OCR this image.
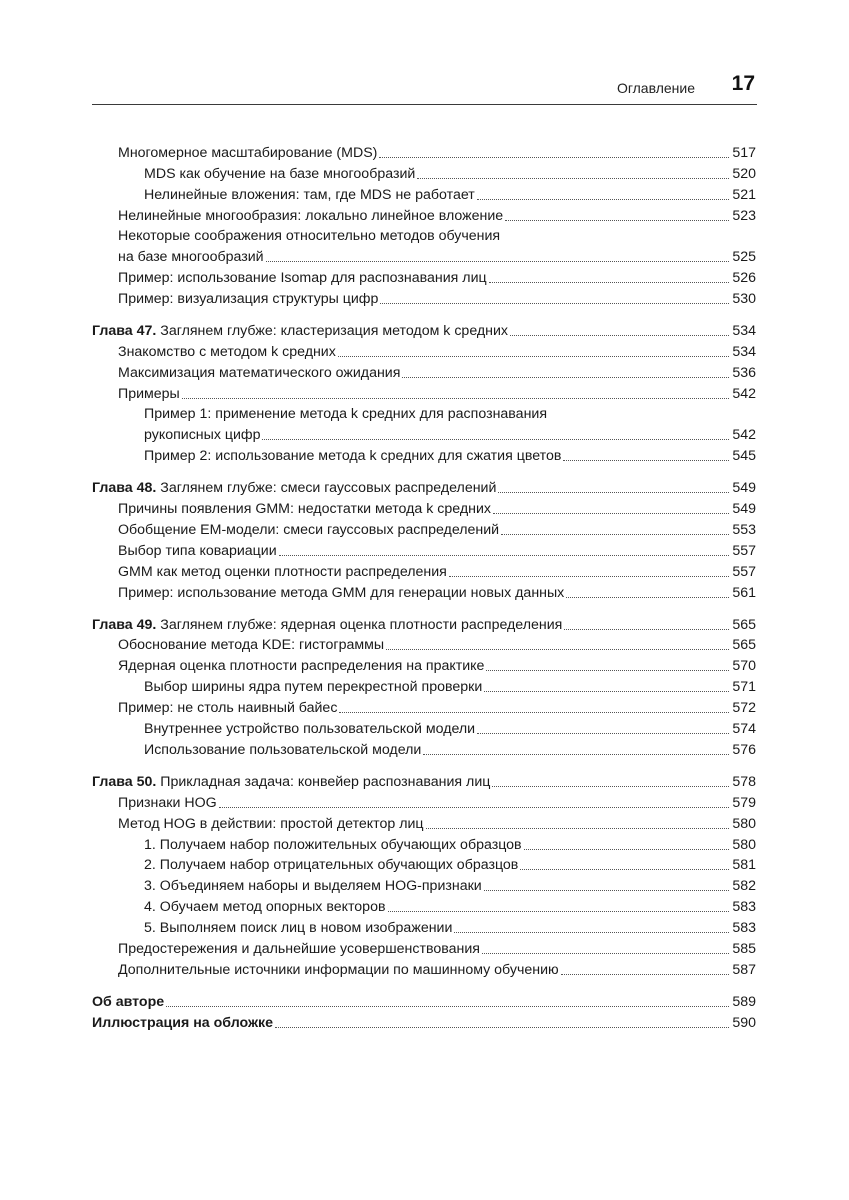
Оглавление 17
Многомерное масштабирование (MDS)	517
MDS как обучение на базе многообразий	520
Нелинейные вложения: там, где MDS не работает	521
Нелинейные многообразия: локально линейное вложение	523
Некоторые соображения относительно методов обучения
на базе многообразий	525
Пример: использование Isomap для распознавания лиц	526
Пример: визуализация структуры цифр	530
Глава 47. Заглянем глубже: кластеризация методом k средних	534
Знакомство с методом k средних	534
Максимизация математического ожидания	536
Примеры	542
Пример 1: применение метода k средних для распознавания
рукописных цифр	542
Пример 2: использование метода k средних для сжатия цветов	545
Глава 48. Заглянем глубже: смеси гауссовых распределений	549
Причины появления GMM: недостатки метода k средних	549
Обобщение EM-модели: смеси гауссовых распределений	553
Выбор типа ковариации	557
GMM как метод оценки плотности распределения	557
Пример: использование метода GMM для генерации новых данных	561
Глава 49. Заглянем глубже: ядерная оценка плотности распределения	565
Обоснование метода KDE: гистограммы	565
Ядерная оценка плотности распределения на практике	570
Выбор ширины ядра путем перекрестной проверки	571
Пример: не столь наивный байес	572
Внутреннее устройство пользовательской модели	574
Использование пользовательской модели	576
Глава 50. Прикладная задача: конвейер распознавания лиц	578
Признаки HOG	579
Метод HOG в действии: простой детектор лиц	580
1. Получаем набор положительных обучающих образцов	580
2. Получаем набор отрицательных обучающих образцов	581
3. Объединяем наборы и выделяем HOG-признаки	582
4. Обучаем метод опорных векторов	583
5. Выполняем поиск лиц в новом изображении	583
Предостережения и дальнейшие усовершенствования	585
Дополнительные источники информации по машинному обучению	587
Об авторе	589
Иллюстрация на обложке	590
